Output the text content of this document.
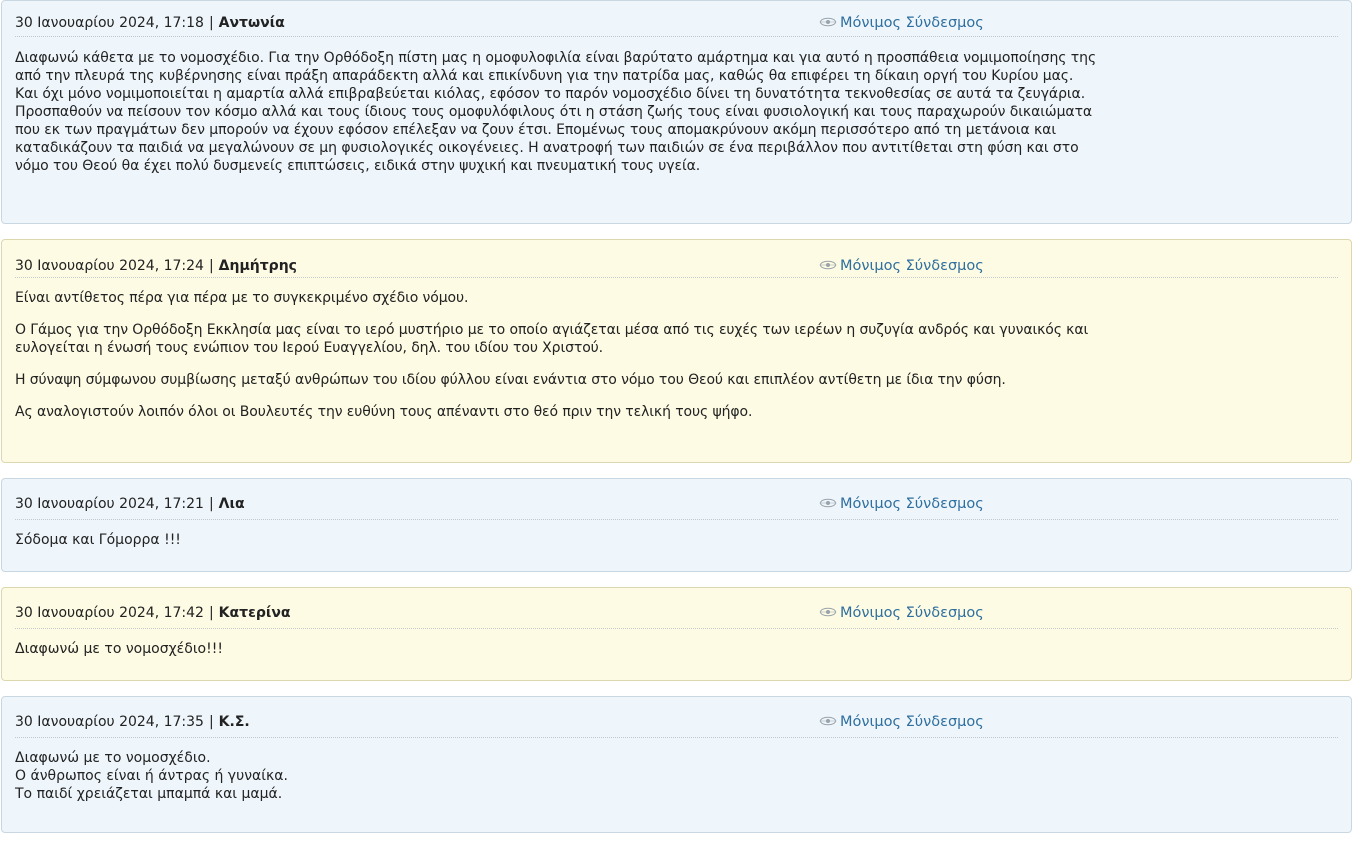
30 Ιανουαρίου 2024, 17:18 | Αντωνία	Μόνιμος Σύνδεσμος

Διαφωνώ κάθετα με το νομοσχέδιο. Για την Ορθόδοξη πίστη μας η ομοφυλοφιλία είναι βαρύτατο αμάρτημα και για αυτό η προσπάθεια νομιμοποίησης της
από την πλευρά της κυβέρνησης είναι πράξη απαράδεκτη αλλά και επικίνδυνη για την πατρίδα μας, καθώς θα επιφέρει τη δίκαιη οργή του Κυρίου μας.
Και όχι μόνο νομιμοποιείται η αμαρτία αλλά επιβραβεύεται κιόλας, εφόσον το παρόν νομοσχέδιο δίνει τη δυνατότητα τεκνοθεσίας σε αυτά τα ζευγάρια.
Προσπαθούν να πείσουν τον κόσμο αλλά και τους ίδιους τους ομοφυλόφιλους ότι η στάση ζωής τους είναι φυσιολογική και τους παραχωρούν δικαιώματα
που εκ των πραγμάτων δεν μπορούν να έχουν εφόσον επέλεξαν να ζουν έτσι. Επομένως τους απομακρύνουν ακόμη περισσότερο από τη μετάνοια και
καταδικάζουν τα παιδιά να μεγαλώνουν σε μη φυσιολογικές οικογένειες. Η ανατροφή των παιδιών σε ένα περιβάλλον που αντιτίθεται στη φύση και στο
νόμο του Θεού θα έχει πολύ δυσμενείς επιπτώσεις, ειδικά στην ψυχική και πνευματική τους υγεία.

30 Ιανουαρίου 2024, 17:24 | Δημήτρης	Μόνιμος Σύνδεσμος

Είναι αντίθετος πέρα για πέρα με το συγκεκριμένο σχέδιο νόμου.

Ο Γάμος για την Ορθόδοξη Εκκλησία μας είναι το ιερό μυστήριο με το οποίο αγιάζεται μέσα από τις ευχές των ιερέων η συζυγία ανδρός και γυναικός και
ευλογείται η ένωσή τους ενώπιον του Ιερού Ευαγγελίου, δηλ. του ιδίου του Χριστού.

Η σύναψη σύμφωνου συμβίωσης μεταξύ ανθρώπων του ιδίου φύλλου είναι ενάντια στο νόμο του Θεού και επιπλέον αντίθετη με ίδια την φύση.

Ας αναλογιστούν λοιπόν όλοι οι Βουλευτές την ευθύνη τους απέναντι στο θεό πριν την τελική τους ψήφο.

30 Ιανουαρίου 2024, 17:21 | Λια	Μόνιμος Σύνδεσμος

Σόδομα και Γόμορρα !!!

30 Ιανουαρίου 2024, 17:42 | Κατερίνα	Μόνιμος Σύνδεσμος

Διαφωνώ με το νομοσχέδιο!!!

30 Ιανουαρίου 2024, 17:35 | Κ.Σ.	Μόνιμος Σύνδεσμος

Διαφωνώ με το νομοσχέδιο.
Ο άνθρωπος είναι ή άντρας ή γυναίκα.
Το παιδί χρειάζεται μπαμπά και μαμά.
